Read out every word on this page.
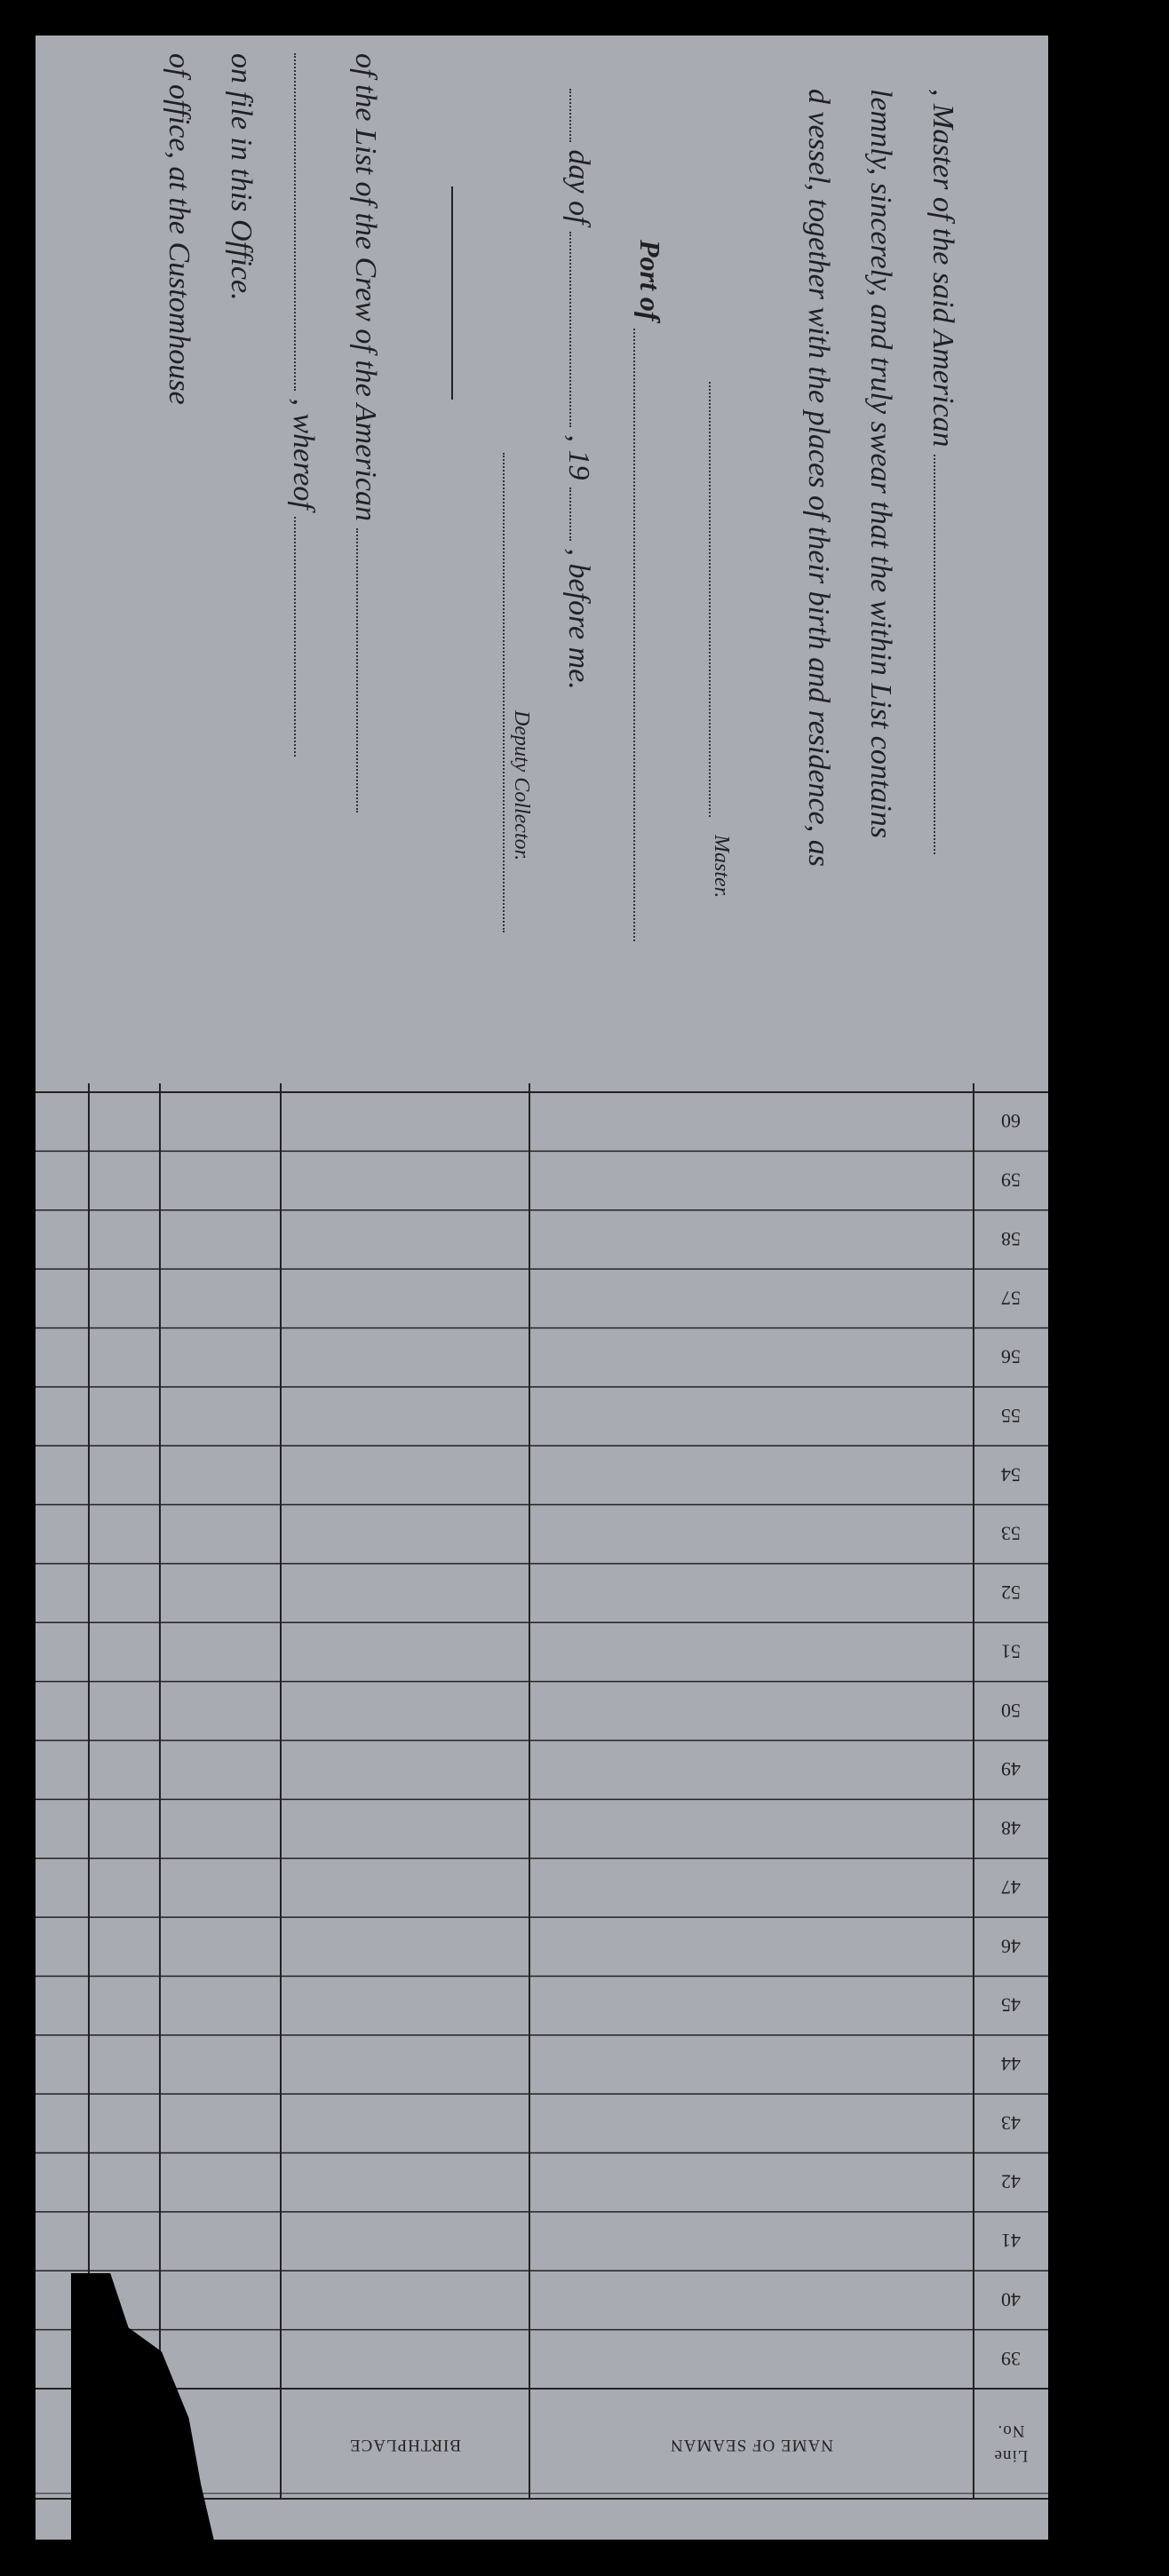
, Master of the said American
lemnly, sincerely, and truly swear that the within List contains
d vessel, together with the places of their birth and residence, as
Master.
Port of
day of  , 19  , before me.
Deputy Collector.
of the List of the Crew of the American
, whereof
on file in this Office.
of office, at the Customhouse
39
40
41
42
43
44
45
46
47
48
49
50
51
52
53
54
55
56
57
58
59
60
Line
No.
NAME OF SEAMAN
BIRTHPLACE
